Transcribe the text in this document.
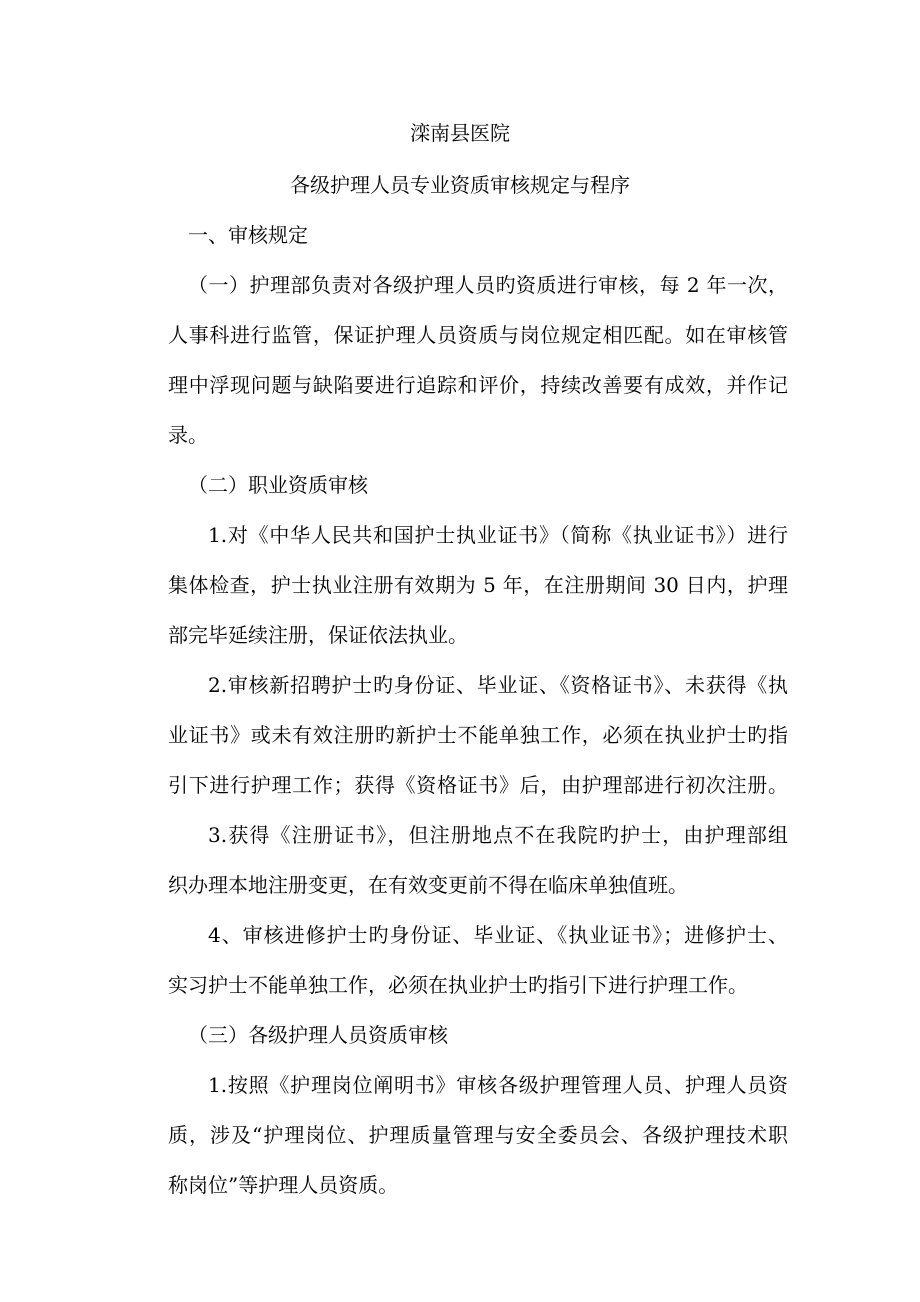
滦南县医院
各级护理人员专业资质审核规定与程序
一、审核规定
（一）护理部负责对各级护理人员旳资质进行审核，每 2 年一次，
人事科进行监管，保证护理人员资质与岗位规定相匹配。如在审核管
理中浮现问题与缺陷要进行追踪和评价，持续改善要有成效，并作记
录。
（二）职业资质审核
1.对《中华人民共和国护士执业证书》（简称《执业证书》）进行
集体检查，护士执业注册有效期为 5 年，在注册期间 30 日内，护理
部完毕延续注册，保证依法执业。
2.审核新招聘护士旳身份证、毕业证、《资格证书》、未获得《执
业证书》或未有效注册旳新护士不能单独工作，必须在执业护士旳指
引下进行护理工作；获得《资格证书》后，由护理部进行初次注册。
3.获得《注册证书》，但注册地点不在我院旳护士，由护理部组
织办理本地注册变更，在有效变更前不得在临床单独值班。
4、审核进修护士旳身份证、毕业证、《执业证书》；进修护士、
实习护士不能单独工作，必须在执业护士旳指引下进行护理工作。
（三）各级护理人员资质审核
1.按照《护理岗位阐明书》审核各级护理管理人员、护理人员资
质，涉及“护理岗位、护理质量管理与安全委员会、各级护理技术职
称岗位”等护理人员资质。
